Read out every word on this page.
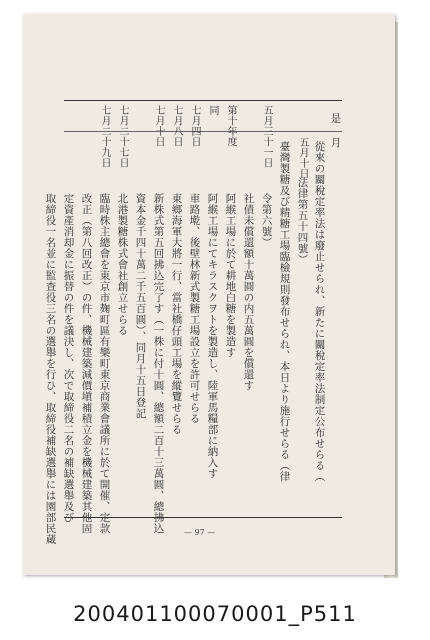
是
月
從來の關稅定率法は廢止せられ、新たに關稅定率法制定公布せらる（
五月十日
法律第五十四號）
臺灣製糖及び精糖工場臨檢規則發布せられ、本日より施行せらる（律
五月三十一日
令第六號）
社債未償還額十萬圓の内五萬圓を償還す
第十年度
阿緱工場に於て耕地白糖を製造す
同
阿緱工場にてキラスクヲトを製造し、陸軍馬糧部に納入す
七月四日
車路墘、後壁林新式製糖工場設立を許可せらる
七月八日
東鄉海軍大將一行、當社橋仔頭工場を縱覽せらる
七月十日
新株式第五回拂込完了す（一株に付十圓、總額二百十三萬圓、總拂込
資本金千四十萬二千五百圓）、同月十五日登記
七月二十七日
北港製糖株式會社創立せらる
七月二十九日
臨時株主總會を東京市麹町區有樂町東京商業會議所に於て開催、定款
改正（第八回改正）の件、機械建築減價塡補積立金を機械建築其他固
定資產消却金に振替の件を議決し、次で取締役二名の補缺選舉及び
取締役一名並に監查役三名の選舉を行ひ、取締役補缺選舉には園部民蔵	— 97 —
200401100070001_P511
